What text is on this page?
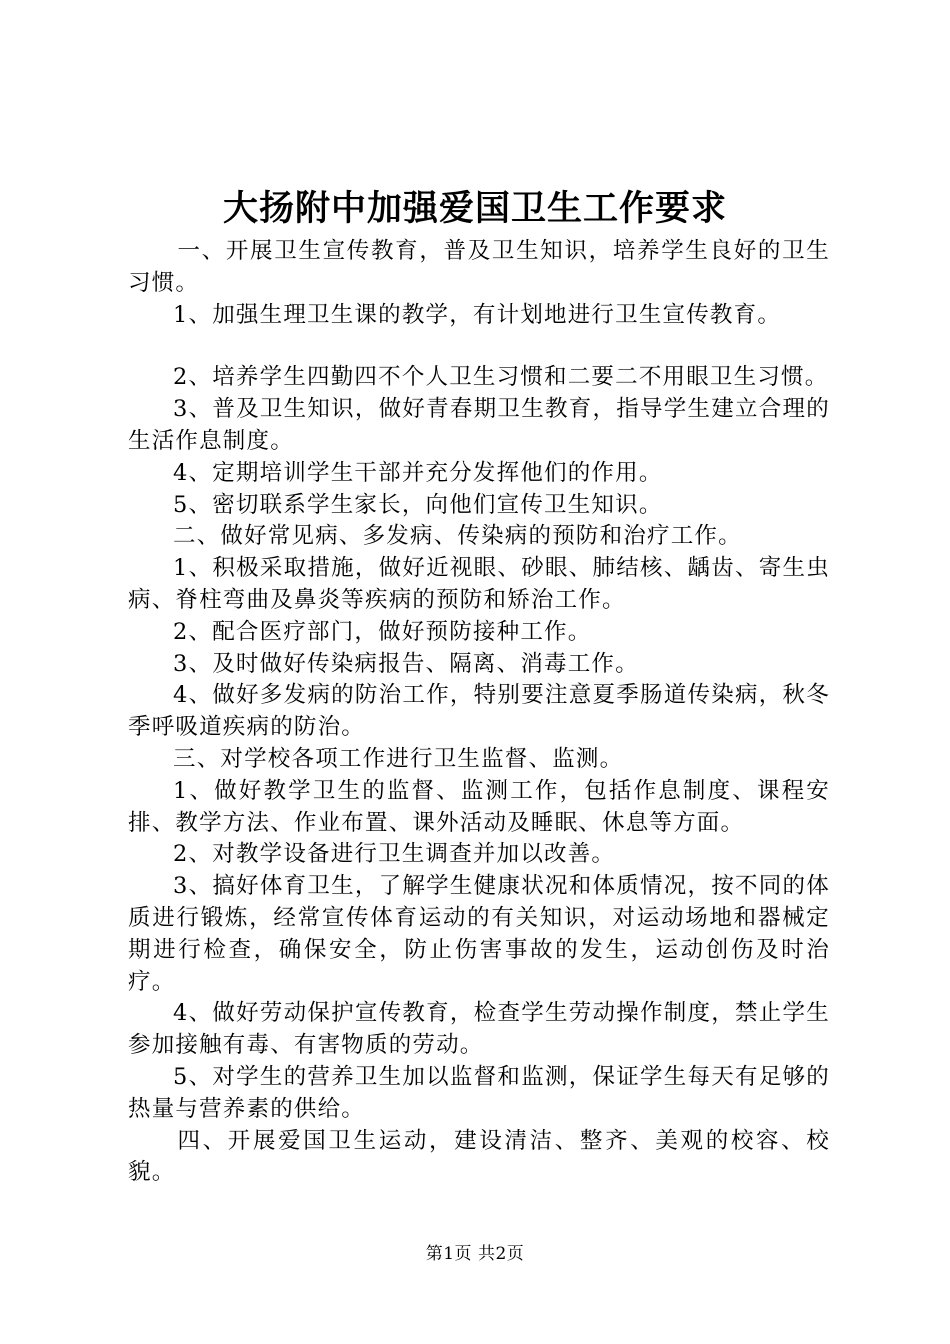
大扬附中加强爱国卫生工作要求

一、开展卫生宣传教育，普及卫生知识，培养学生良好的卫生习惯。

1、加强生理卫生课的教学，有计划地进行卫生宣传教育。

2、培养学生四勤四不个人卫生习惯和二要二不用眼卫生习惯。

3、普及卫生知识，做好青春期卫生教育，指导学生建立合理的生活作息制度。

4、定期培训学生干部并充分发挥他们的作用。

5、密切联系学生家长，向他们宣传卫生知识。

二、做好常见病、多发病、传染病的预防和治疗工作。

1、积极采取措施，做好近视眼、砂眼、肺结核、龋齿、寄生虫病、脊柱弯曲及鼻炎等疾病的预防和矫治工作。

2、配合医疗部门，做好预防接种工作。

3、及时做好传染病报告、隔离、消毒工作。

4、做好多发病的防治工作，特别要注意夏季肠道传染病，秋冬季呼吸道疾病的防治。

三、对学校各项工作进行卫生监督、监测。

1、做好教学卫生的监督、监测工作，包括作息制度、课程安排、教学方法、作业布置、课外活动及睡眠、休息等方面。

2、对教学设备进行卫生调查并加以改善。

3、搞好体育卫生，了解学生健康状况和体质情况，按不同的体质进行锻炼，经常宣传体育运动的有关知识，对运动场地和器械定期进行检查，确保安全，防止伤害事故的发生，运动创伤及时治疗。

4、做好劳动保护宣传教育，检查学生劳动操作制度，禁止学生参加接触有毒、有害物质的劳动。

5、对学生的营养卫生加以监督和监测，保证学生每天有足够的热量与营养素的供给。

四、开展爱国卫生运动，建设清洁、整齐、美观的校容、校貌。

第1页 共2页
